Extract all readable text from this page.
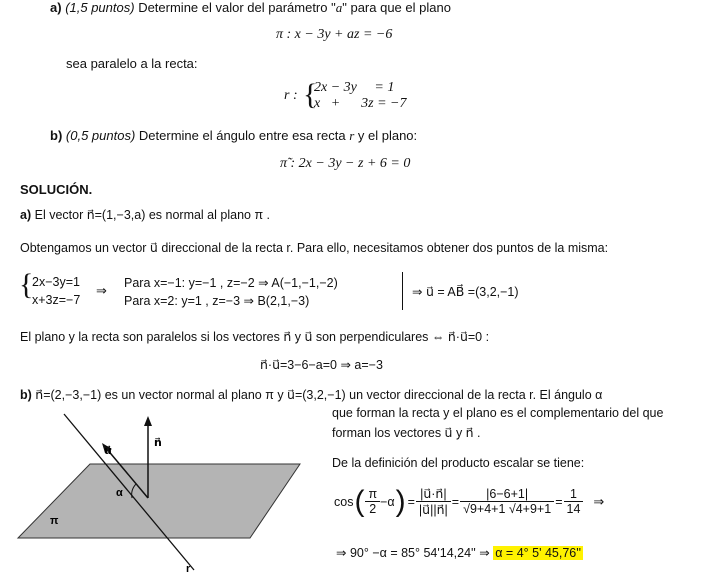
a) (1,5 puntos) Determine el valor del parámetro "a" para que el plano
π : x − 3y + az = −6
sea paralelo a la recta:
r : {
2x − 3y     = 1
x   +      3z = −7
b) (0,5 puntos) Determine el ángulo entre esa recta r y el plano:
π̃ : 2x − 3y − z + 6 = 0
SOLUCIÓN.
a) El vector n⃗=(1,−3,a) es normal al plano π .
Obtengamos un vector u⃗ direccional de la recta r. Para ello, necesitamos obtener dos puntos de la misma:
{
2x−3y=1
x+3z=−7
⇒ Para x=−1: y=−1 , z=−2 ⇒ A(−1,−1,−2)
Para x=2: y=1 , z=−3 ⇒ B(2,1,−3)
⇒ u⃗ = AB⃗ =(3,2,−1)
El plano y la recta son paralelos si los vectores n⃗ y u⃗ son perpendiculares ⇔ n⃗·u⃗=0 :
n⃗·u⃗=3−6−a=0 ⇒ a=−3
b) n⃗=(2,−3,−1) es un vector normal al plano π y u⃗=(3,2,−1) un vector direccional de la recta r. El ángulo α
que forman la recta y el plano es el complementario del que
forman los vectores u⃗ y n⃗ .
De la definición del producto escalar se tiene:
cos ( $\frac{\pi}{2} -\alpha$ ) = $\frac{|u⃗\cdot n⃗|}{|u⃗||n⃗|} = \frac{|6-6+1|}{√9+4+1 √4+9+1} = \frac{1}{14}$ ⇒
⇒ 90° −α = 85° 54'14,24'' ⇒ α = 4° 5' 45,76''
u⃗
n⃗
α
π
r
